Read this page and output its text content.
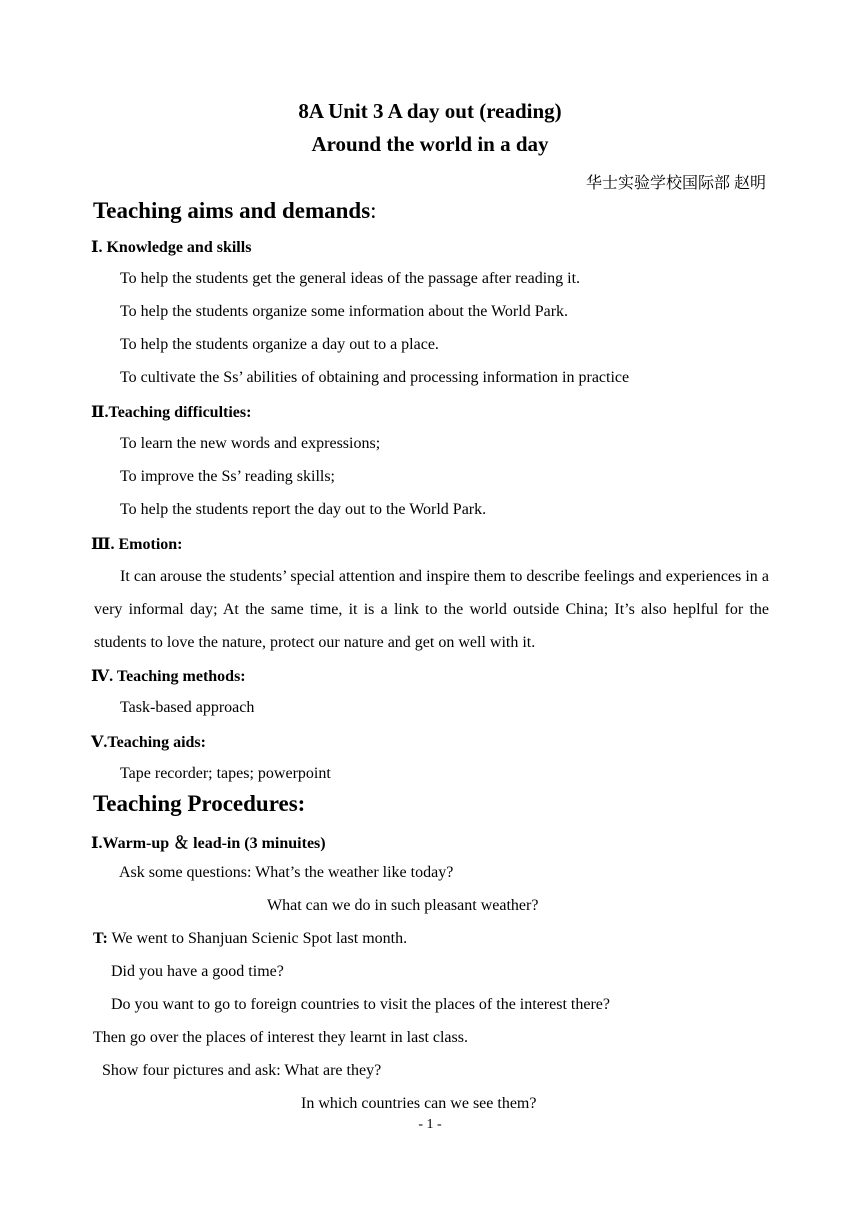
8A Unit 3 A day out (reading)
Around the world in a day
华士实验学校国际部 赵明
Teaching aims and demands:
Ⅰ. Knowledge and skills
To help the students get the general ideas of the passage after reading it.
To help the students organize some information about the World Park.
To help the students organize a day out to a place.
To cultivate the Ss’ abilities of obtaining and processing information in practice
Ⅱ.Teaching difficulties:
To learn the new words and expressions;
To improve the Ss’ reading skills;
To help the students report the day out to the World Park.
Ⅲ. Emotion:
It can arouse the students’ special attention and inspire them to describe feelings and experiences in a very informal day; At the same time, it is a link to the world outside China; It’s also heplful for the students to love the nature, protect our nature and get on well with it.
Ⅳ. Teaching methods:
Task-based approach
Ⅴ.Teaching aids:
Tape recorder; tapes; powerpoint
Teaching Procedures:
Ⅰ.Warm-up ＆ lead-in (3 minuites)
Ask some questions: What’s the weather like today?
What can we do in such pleasant weather?
T: We went to Shanjuan Scienic Spot last month.
Did you have a good time?
Do you want to go to foreign countries to visit the places of the interest there?
Then go over the places of interest they learnt in last class.
Show four pictures and ask: What are they?
In which countries can we see them?
- 1 -
